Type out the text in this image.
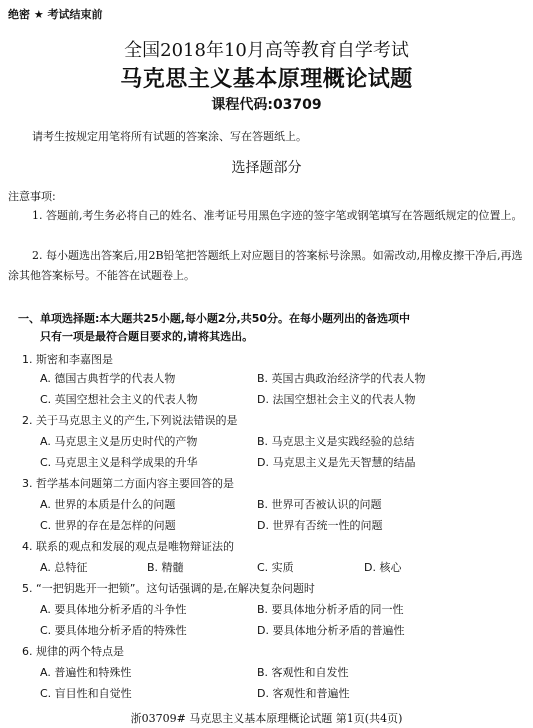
绝密 ★ 考试结束前
全国2018年10月高等教育自学考试
马克思主义基本原理概论试题
课程代码:03709
请考生按规定用笔将所有试题的答案涂、写在答题纸上。
选择题部分
注意事项:
1. 答题前,考生务必将自己的姓名、准考证号用黑色字迹的签字笔或钢笔填写在答题纸规定的位置上。
2. 每小题选出答案后,用2B铅笔把答题纸上对应题目的答案标号涂黑。如需改动,用橡皮擦干净后,再选涂其他答案标号。不能答在试题卷上。
一、单项选择题:本大题共25小题,每小题2分,共50分。在每小题列出的备选项中
只有一项是最符合题目要求的,请将其选出。
1. 斯密和李嘉图是
A. 德国古典哲学的代表人物	B. 英国古典政治经济学的代表人物
C. 英国空想社会主义的代表人物	D. 法国空想社会主义的代表人物
2. 关于马克思主义的产生,下列说法错误的是
A. 马克思主义是历史时代的产物	B. 马克思主义是实践经验的总结
C. 马克思主义是科学成果的升华	D. 马克思主义是先天智慧的结晶
3. 哲学基本问题第二方面内容主要回答的是
A. 世界的本质是什么的问题	B. 世界可否被认识的问题
C. 世界的存在是怎样的问题	D. 世界有否统一性的问题
4. 联系的观点和发展的观点是唯物辩证法的
A. 总特征	B. 精髓	C. 实质	D. 核心
5. “一把钥匙开一把锁”。这句话强调的是,在解决复杂问题时
A. 要具体地分析矛盾的斗争性	B. 要具体地分析矛盾的同一性
C. 要具体地分析矛盾的特殊性	D. 要具体地分析矛盾的普遍性
6. 规律的两个特点是
A. 普遍性和特殊性	B. 客观性和自发性
C. 盲目性和自觉性	D. 客观性和普遍性
浙03709# 马克思主义基本原理概论试题 第1页(共4页)
